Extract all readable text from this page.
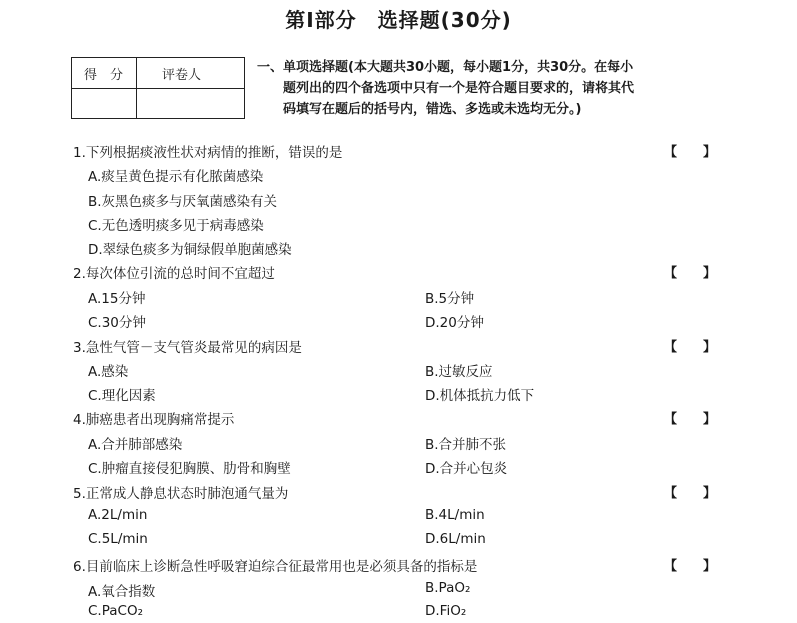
第Ⅰ部分　选择题(30分)
得　分	评卷人
一、单项选择题(本大题共30小题，每小题1分，共30分。在每小
题列出的四个备选项中只有一个是符合题目要求的，请将其代
码填写在题后的括号内，错选、多选或未选均无分。)
1.下列根据痰液性状对病情的推断，错误的是	【　　】
A.痰呈黄色提示有化脓菌感染
B.灰黑色痰多与厌氧菌感染有关
C.无色透明痰多见于病毒感染
D.翠绿色痰多为铜绿假单胞菌感染
2.每次体位引流的总时间不宜超过	【　　】
A.15分钟	B.5分钟
C.30分钟	D.20分钟
3.急性气管－支气管炎最常见的病因是	【　　】
A.感染	B.过敏反应
C.理化因素	D.机体抵抗力低下
4.肺癌患者出现胸痛常提示	【　　】
A.合并肺部感染	B.合并肺不张
C.肿瘤直接侵犯胸膜、肋骨和胸壁	D.合并心包炎
5.正常成人静息状态时肺泡通气量为	【　　】
A.2L/min	B.4L/min
C.5L/min	D.6L/min
6.目前临床上诊断急性呼吸窘迫综合征最常用也是必须具备的指标是	【　　】
A.氧合指数	B.PaO₂
C.PaCO₂	D.FiO₂
